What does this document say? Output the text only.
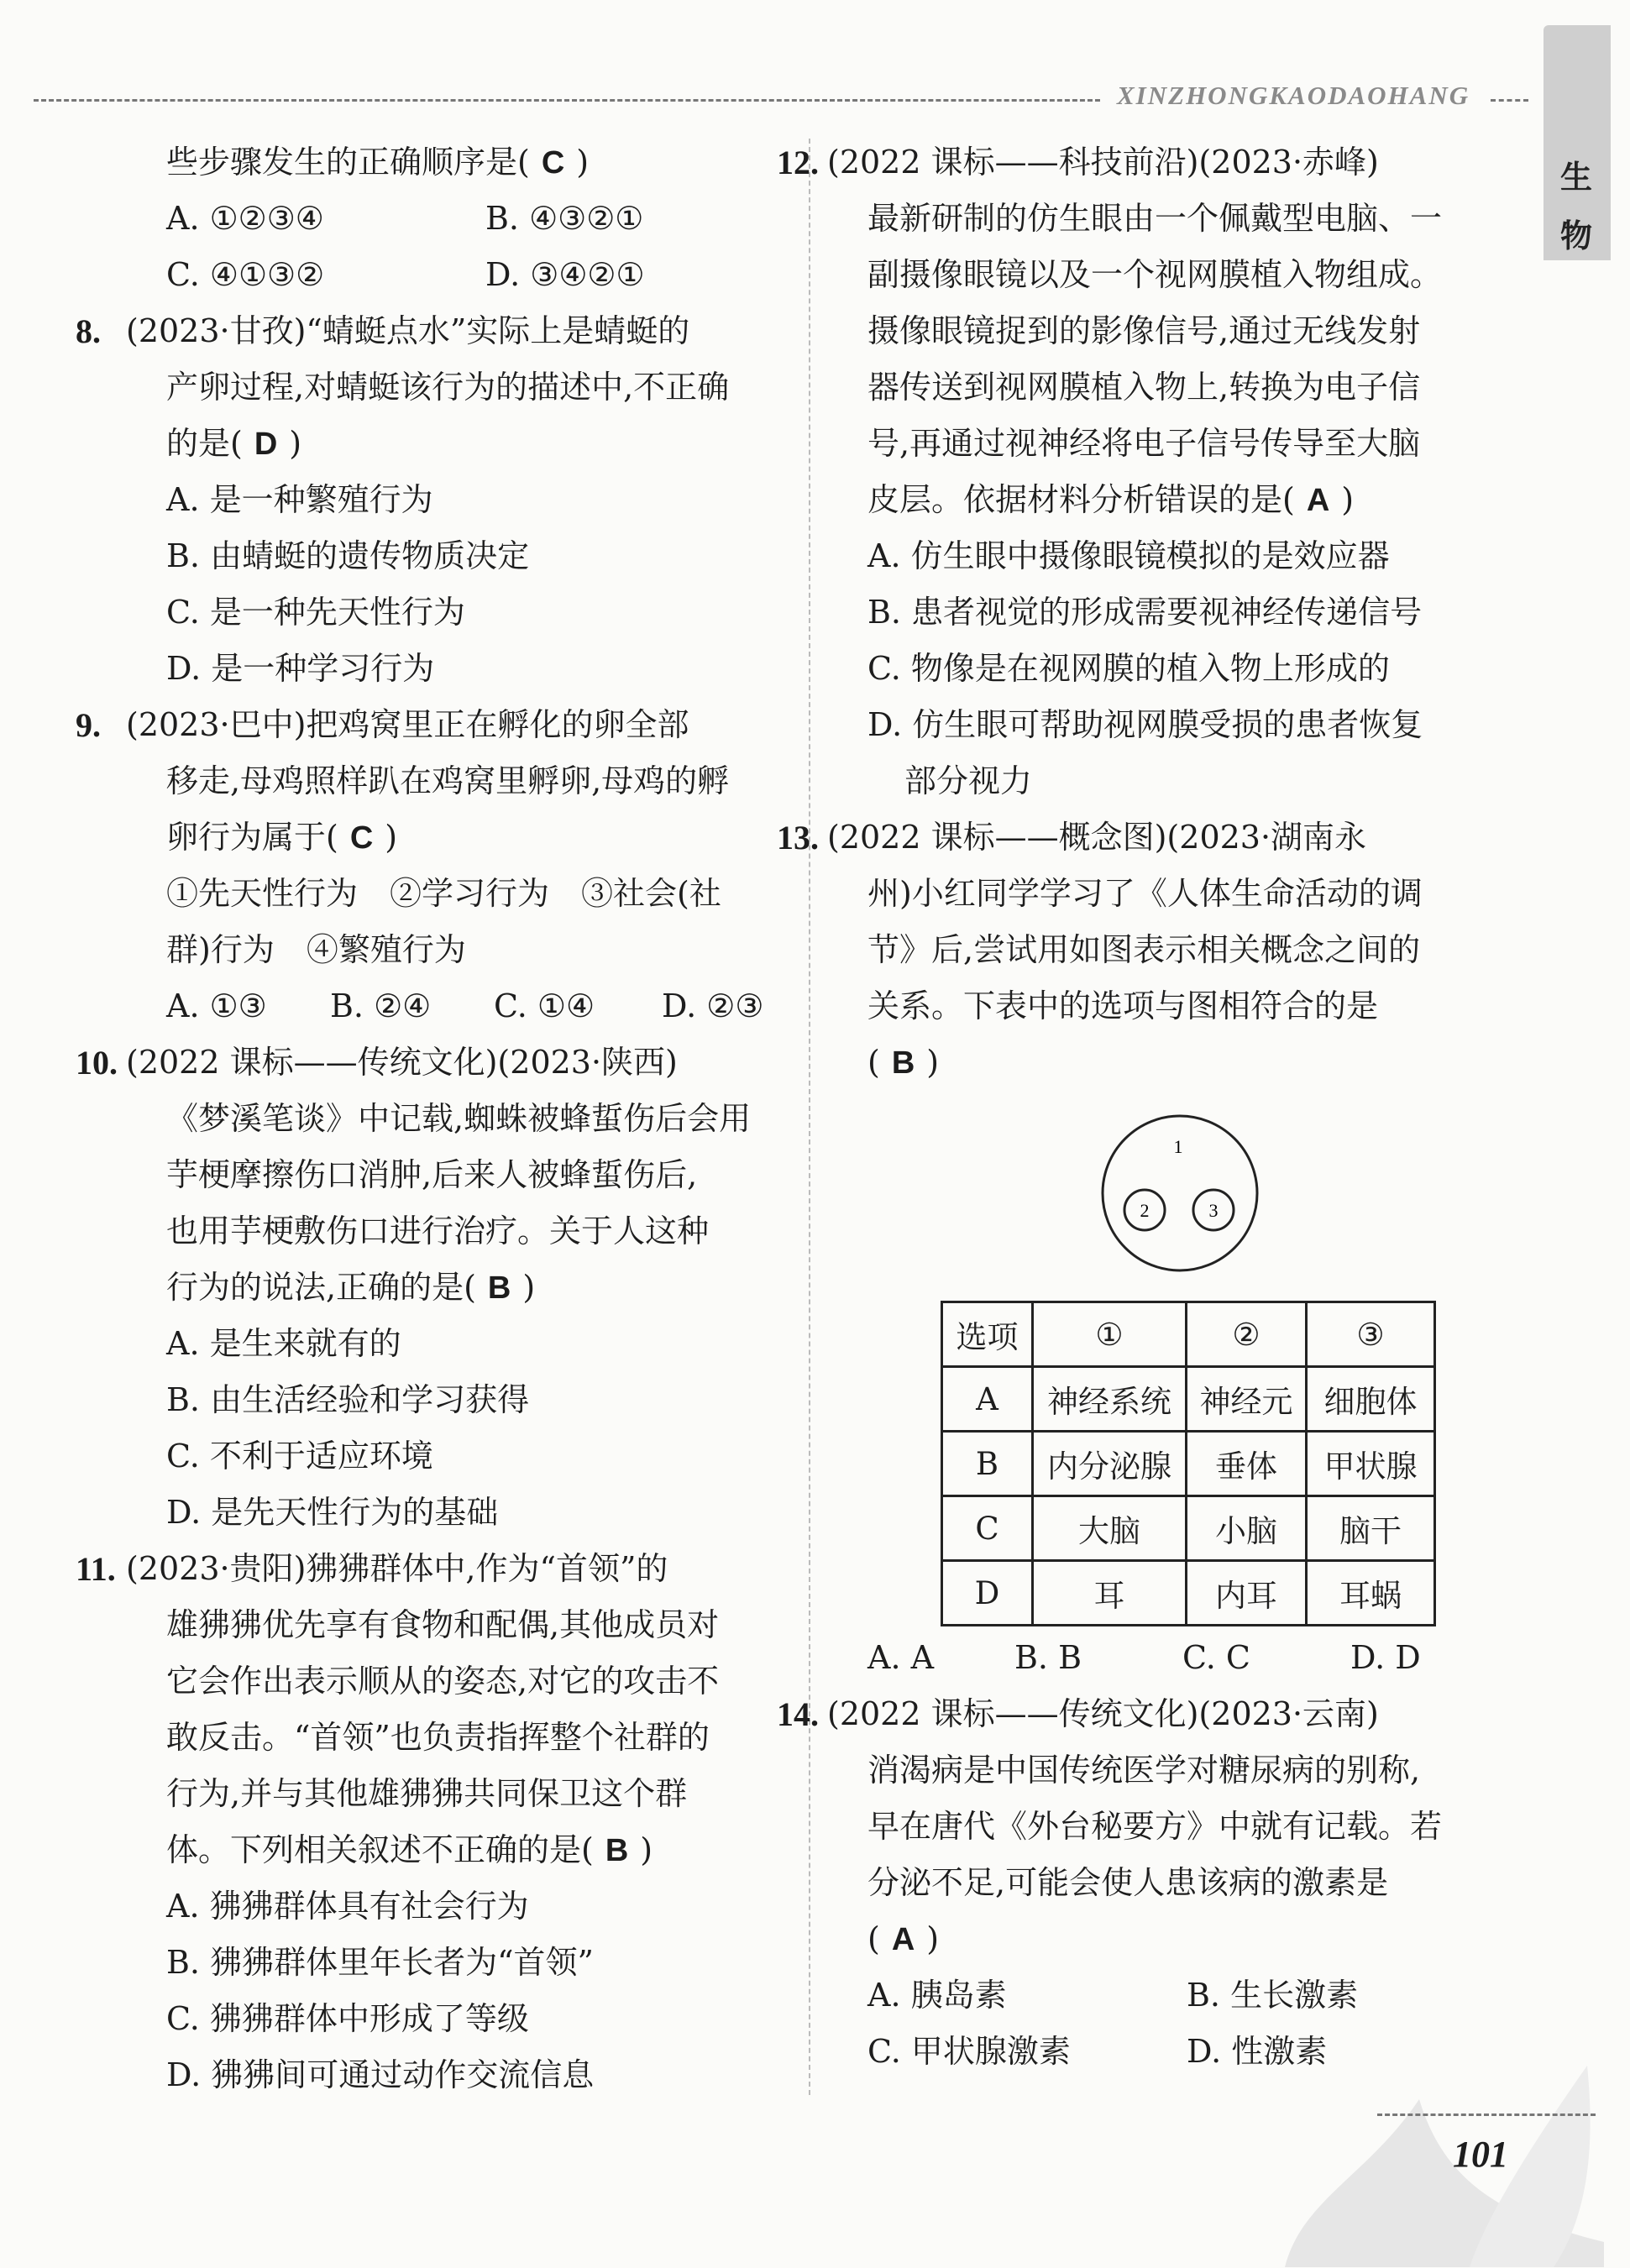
XINZHONGKAODAOHANG
生
物
些步骤发生的正确顺序是( C )
A. ①②③④	B. ④③②①
C. ④①③②	D. ③④②①
8. (2023·甘孜)“蜻蜓点水”实际上是蜻蜓的
产卵过程,对蜻蜓该行为的描述中,不正确
的是( D )
A. 是一种繁殖行为
B. 由蜻蜓的遗传物质决定
C. 是一种先天性行为
D. 是一种学习行为
9. (2023·巴中)把鸡窝里正在孵化的卵全部
移走,母鸡照样趴在鸡窝里孵卵,母鸡的孵
卵行为属于( C )
①先天性行为　②学习行为　③社会(社
群)行为　④繁殖行为
A. ①③	B. ②④	C. ①④	D. ②③
10. (2022 课标——传统文化)(2023·陕西)
《梦溪笔谈》中记载,蜘蛛被蜂蜇伤后会用
芋梗摩擦伤口消肿,后来人被蜂蜇伤后,
也用芋梗敷伤口进行治疗。关于人这种
行为的说法,正确的是( B )
A. 是生来就有的
B. 由生活经验和学习获得
C. 不利于适应环境
D. 是先天性行为的基础
11. (2023·贵阳)狒狒群体中,作为“首领”的
雄狒狒优先享有食物和配偶,其他成员对
它会作出表示顺从的姿态,对它的攻击不
敢反击。“首领”也负责指挥整个社群的
行为,并与其他雄狒狒共同保卫这个群
体。下列相关叙述不正确的是( B )
A. 狒狒群体具有社会行为
B. 狒狒群体里年长者为“首领”
C. 狒狒群体中形成了等级
D. 狒狒间可通过动作交流信息
12. (2022 课标——科技前沿)(2023·赤峰)
最新研制的仿生眼由一个佩戴型电脑、一
副摄像眼镜以及一个视网膜植入物组成。
摄像眼镜捉到的影像信号,通过无线发射
器传送到视网膜植入物上,转换为电子信
号,再通过视神经将电子信号传导至大脑
皮层。依据材料分析错误的是( A )
A. 仿生眼中摄像眼镜模拟的是效应器
B. 患者视觉的形成需要视神经传递信号
C. 物像是在视网膜的植入物上形成的
D. 仿生眼可帮助视网膜受损的患者恢复
部分视力
13. (2022 课标——概念图)(2023·湖南永
州)小红同学学习了《人体生命活动的调
节》后,尝试用如图表示相关概念之间的
关系。下表中的选项与图相符合的是
( B )
1
2	3
选项	①	②	③
A	神经系统	神经元	细胞体
B	内分泌腺	垂体	甲状腺
C	大脑	小脑	脑干
D	耳	内耳	耳蜗
A. A	B. B	C. C	D. D
14. (2022 课标——传统文化)(2023·云南)
消渴病是中国传统医学对糖尿病的别称,
早在唐代《外台秘要方》中就有记载。若
分泌不足,可能会使人患该病的激素是
( A )
A. 胰岛素	B. 生长激素
C. 甲状腺激素	D. 性激素
101
